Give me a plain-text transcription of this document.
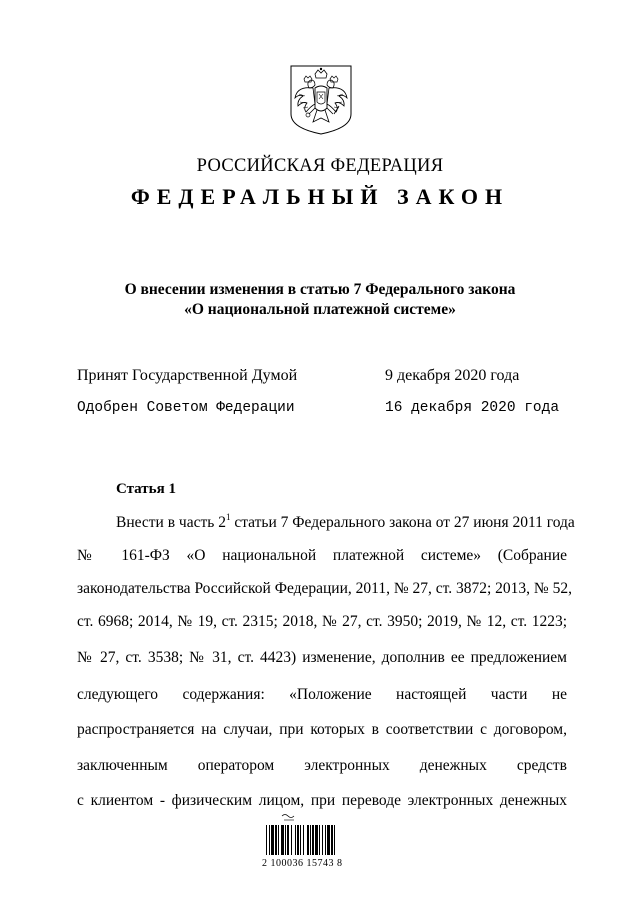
РОССИЙСКАЯ ФЕДЕРАЦИЯ
ФЕДЕРАЛЬНЫЙ ЗАКОН
О внесении изменения в статью 7 Федерального закона
«О национальной платежной системе»
Принят Государственной Думой	9 декабря 2020 года
Одобрен Советом Федерации	16 декабря 2020 года
Статья 1
Внести в часть $2^1$ статьи 7 Федерального закона от 27 июня 2011 года
№ 161-ФЗ «О национальной платежной системе» (Собрание
законодательства Российской Федерации, 2011, № 27, ст. 3872; 2013, № 52,
ст. 6968; 2014, № 19, ст. 2315; 2018, № 27, ст. 3950; 2019, № 12, ст. 1223;
№ 27, ст. 3538; № 31, ст. 4423) изменение, дополнив ее предложением
следующего содержания: «Положение настоящей части не
распространяется на случаи, при которых в соответствии с договором,
заключенным оператором электронных денежных средств
с клиентом - физическим лицом, при переводе электронных денежных
2 100036 15743 8
